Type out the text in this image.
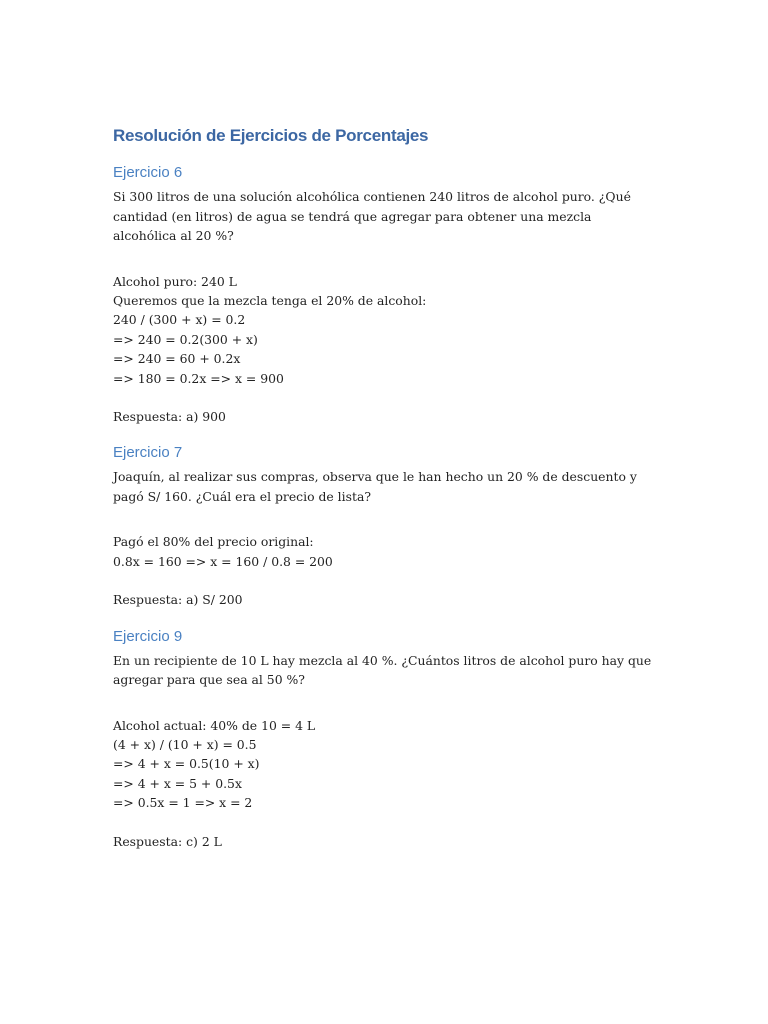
Resolución de Ejercicios de Porcentajes
Ejercicio 6
Si 300 litros de una solución alcohólica contienen 240 litros de alcohol puro. ¿Qué cantidad (en litros) de agua se tendrá que agregar para obtener una mezcla alcohólica al 20 %?
Alcohol puro: 240 L
Queremos que la mezcla tenga el 20% de alcohol:
240 / (300 + x) = 0.2
=> 240 = 0.2(300 + x)
=> 240 = 60 + 0.2x
=> 180 = 0.2x => x = 900
Respuesta: a) 900
Ejercicio 7
Joaquín, al realizar sus compras, observa que le han hecho un 20 % de descuento y pagó S/ 160. ¿Cuál era el precio de lista?
Pagó el 80% del precio original:
0.8x = 160 => x = 160 / 0.8 = 200
Respuesta: a) S/ 200
Ejercicio 9
En un recipiente de 10 L hay mezcla al 40 %. ¿Cuántos litros de alcohol puro hay que agregar para que sea al 50 %?
Alcohol actual: 40% de 10 = 4 L
(4 + x) / (10 + x) = 0.5
=> 4 + x = 0.5(10 + x)
=> 4 + x = 5 + 0.5x
=> 0.5x = 1 => x = 2
Respuesta: c) 2 L
